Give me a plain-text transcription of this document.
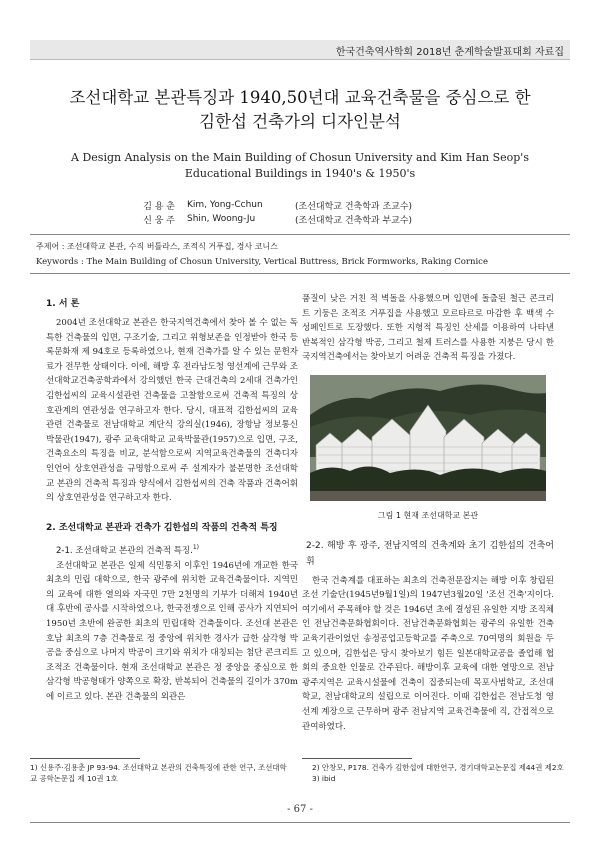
한국건축역사학회 2018년 춘계학술발표대회 자료집
조선대학교 본관특징과 1940,50년대 교육건축물을 중심으로 한
김한섭 건축가의 디자인분석
A Design Analysis on the Main Building of Chosun University and Kim Han Seop's
Educational Buildings in 1940's & 1950's
김 용 춘	Kim, Yong-Cchun	(조선대학교 건축학과 조교수)
신 웅 주	Shin, Woong-Ju	(조선대학교 건축학과 부교수)
주제어 : 조선대학교 본관, 수직 버틀라스, 조적식 거푸집, 경사 코니스
Keywords : The Main Building of Chosun University, Vertical Buttress, Brick Formworks, Raking Cornice
1. 서 론

2004년 조선대학교 본관은 한국지역건축에서 찾아 볼 수 없는 독특한 건축물의 입면, 구조기술, 그리고 위형보존을 인정받아 한국 등록문화재 제 94호로 등록하였으나, 현재 건축가를 알 수 있는 문헌자료가 전무한 상태이다. 이에, 해방 후 전라남도청 영선계에 근무와 조선대학교건축공학과에서 강의했던 한국 근대건축의 2세대 건축가인 김한섭씨의 교육시설관련 건축물을 고찰함으로써 건축적 특징의 상호관계의 연관성을 연구하고자 한다. 당시, 대표적 김한섭씨의 교육관련 건축물로 전남대학교 계단식 강의실(1946), 장항남 정보통신 박물관(1947), 광주 교육대학교 교육박물관(1957)으로 입면, 구조, 건축요소의 특징을 비교, 분석함으로써 지역교육건축물의 건축디자인언어 상호연관성을 규명함으로써 주 설계자가 불분명한 조선대학교 본관의 건축적 특징과 양식에서 김한섭씨의 건축 작품과 건축어휘의 상호연관성을 연구하고자 한다.

2. 조선대학교 본관과 건축가 김한섭의 작품의 건축적 특징
2-1. 조선대학교 본관의 건축적 특징.$^{1)}$

조선대학교 본관은 일제 식민통치 이후인 1946년에 개교한 한국 최초의 민립 대학으로, 한국 광주에 위치한 교육건축물이다. 지역민의 교육에 대한 열의와 자국민 7만 2천명의 기부가 더해져 1940년대 후반에 공사를 시작하였으나, 한국전쟁으로 인해 공사가 지연되어 1950년 초반에 완공한 최초의 민립대학 건축물이다. 조선대 본관은 호남 최초의 7층 건축물로 정 중앙에 위치한 경사가 급한 삼각형 박공을 중심으로 나머지 박공이 크기와 위치가 대칭되는 첨단 콘크리트 조적조 건축물이다. 현재 조선대학교 본관은 정 중앙을 중심으로 한 삼각형 박공형태가 양쪽으로 확장, 반복되어 건축물의 길이가 370m에 이르고 있다. 본관 건축물의 외관은

1) 신용주·김용춘 JP 93-94. 조선대학교 본관의 건축특징에 관한 연구, 조선대학교 공학논문집 제 10권 1호

품질이 낮은 거친 적 벽돌을 사용했으며 입면에 돌출된 철근 콘크리트 기둥은 조적조 거푸집을 사용했고 모르타르로 마감한 후 백색 수성페인트로 도장했다. 또한 지형적 특징인 산세를 이용하여 나타낸 반복적인 삼각형 박공, 그리고 철제 트러스를 사용한 지붕은 당시 한국지역건축에서는 찾아보기 어려운 건축적 특징을 가졌다.

그림 1 현재 조선대학교 본관
2-2. 해방 후 광주, 전남지역의 건축계와 초기 김한섭의 건축어휘

한국 건축계를 대표하는 최초의 건축전문잡지는 해방 이후 창립된 조선 기술단(1945년9월1일)의 1947년3월20일 '조선 건축'지이다. 여기에서 주목해야 할 것은 1946년 초에 결성된 유일한 지방 조직체인 전남건축문화협회이다. 전남건축문화협회는 광주의 유일한 건축교육기관이었던 송정공업고등학교를 주축으로 70여명의 회원을 두고 있으며, 김한섭은 당시 찾아보기 힘든 일본대학교공을 졸업해 협회의 중요한 인물로 간주된다. 해방이후 교육에 대한 열망으로 전남 광주지역은 교육시설물에 건축이 집중되는데 목포사범학교, 조선대학교, 전남대학교의 설립으로 이어진다. 이때 김한섭은 전남도청 영선계 계장으로 근무하며 광주 전남지역 교육건축물에 직, 간접적으로 관여하였다.

2) 안창모, P178. 건축가 김한섭에 대한연구, 경기대학교논문집 제44권 제2호
3) ibid
- 67 -
